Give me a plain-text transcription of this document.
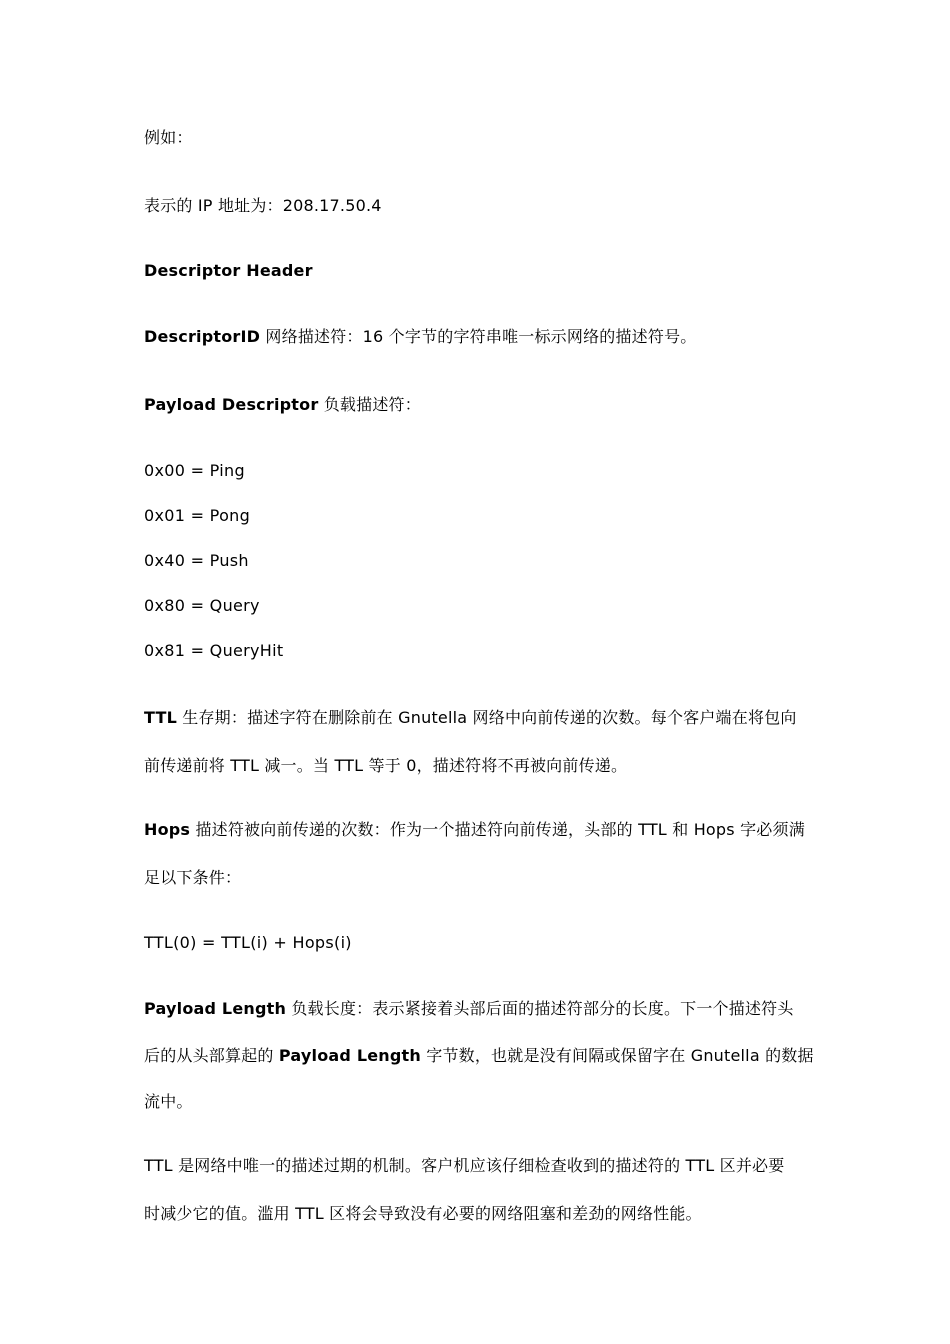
例如：
表示的 IP 地址为：208.17.50.4
Descriptor Header
DescriptorID 网络描述符：16 个字节的字符串唯一标示网络的描述符号。
Payload Descriptor 负载描述符：
0x00 = Ping
0x01 = Pong
0x40 = Push
0x80 = Query
0x81 = QueryHit
TTL 生存期：描述字符在删除前在 Gnutella 网络中向前传递的次数。每个客户端在将包向
前传递前将 TTL 减一。当 TTL 等于 0，描述符将不再被向前传递。
Hops 描述符被向前传递的次数：作为一个描述符向前传递，头部的 TTL 和 Hops 字必须满
足以下条件：
TTL(0) = TTL(i) + Hops(i)
Payload Length 负载长度：表示紧接着头部后面的描述符部分的长度。下一个描述符头
后的从头部算起的 Payload Length 字节数，也就是没有间隔或保留字在 Gnutella 的数据
流中。
TTL 是网络中唯一的描述过期的机制。客户机应该仔细检查收到的描述符的 TTL 区并必要
时减少它的值。滥用 TTL 区将会导致没有必要的网络阻塞和差劲的网络性能。
